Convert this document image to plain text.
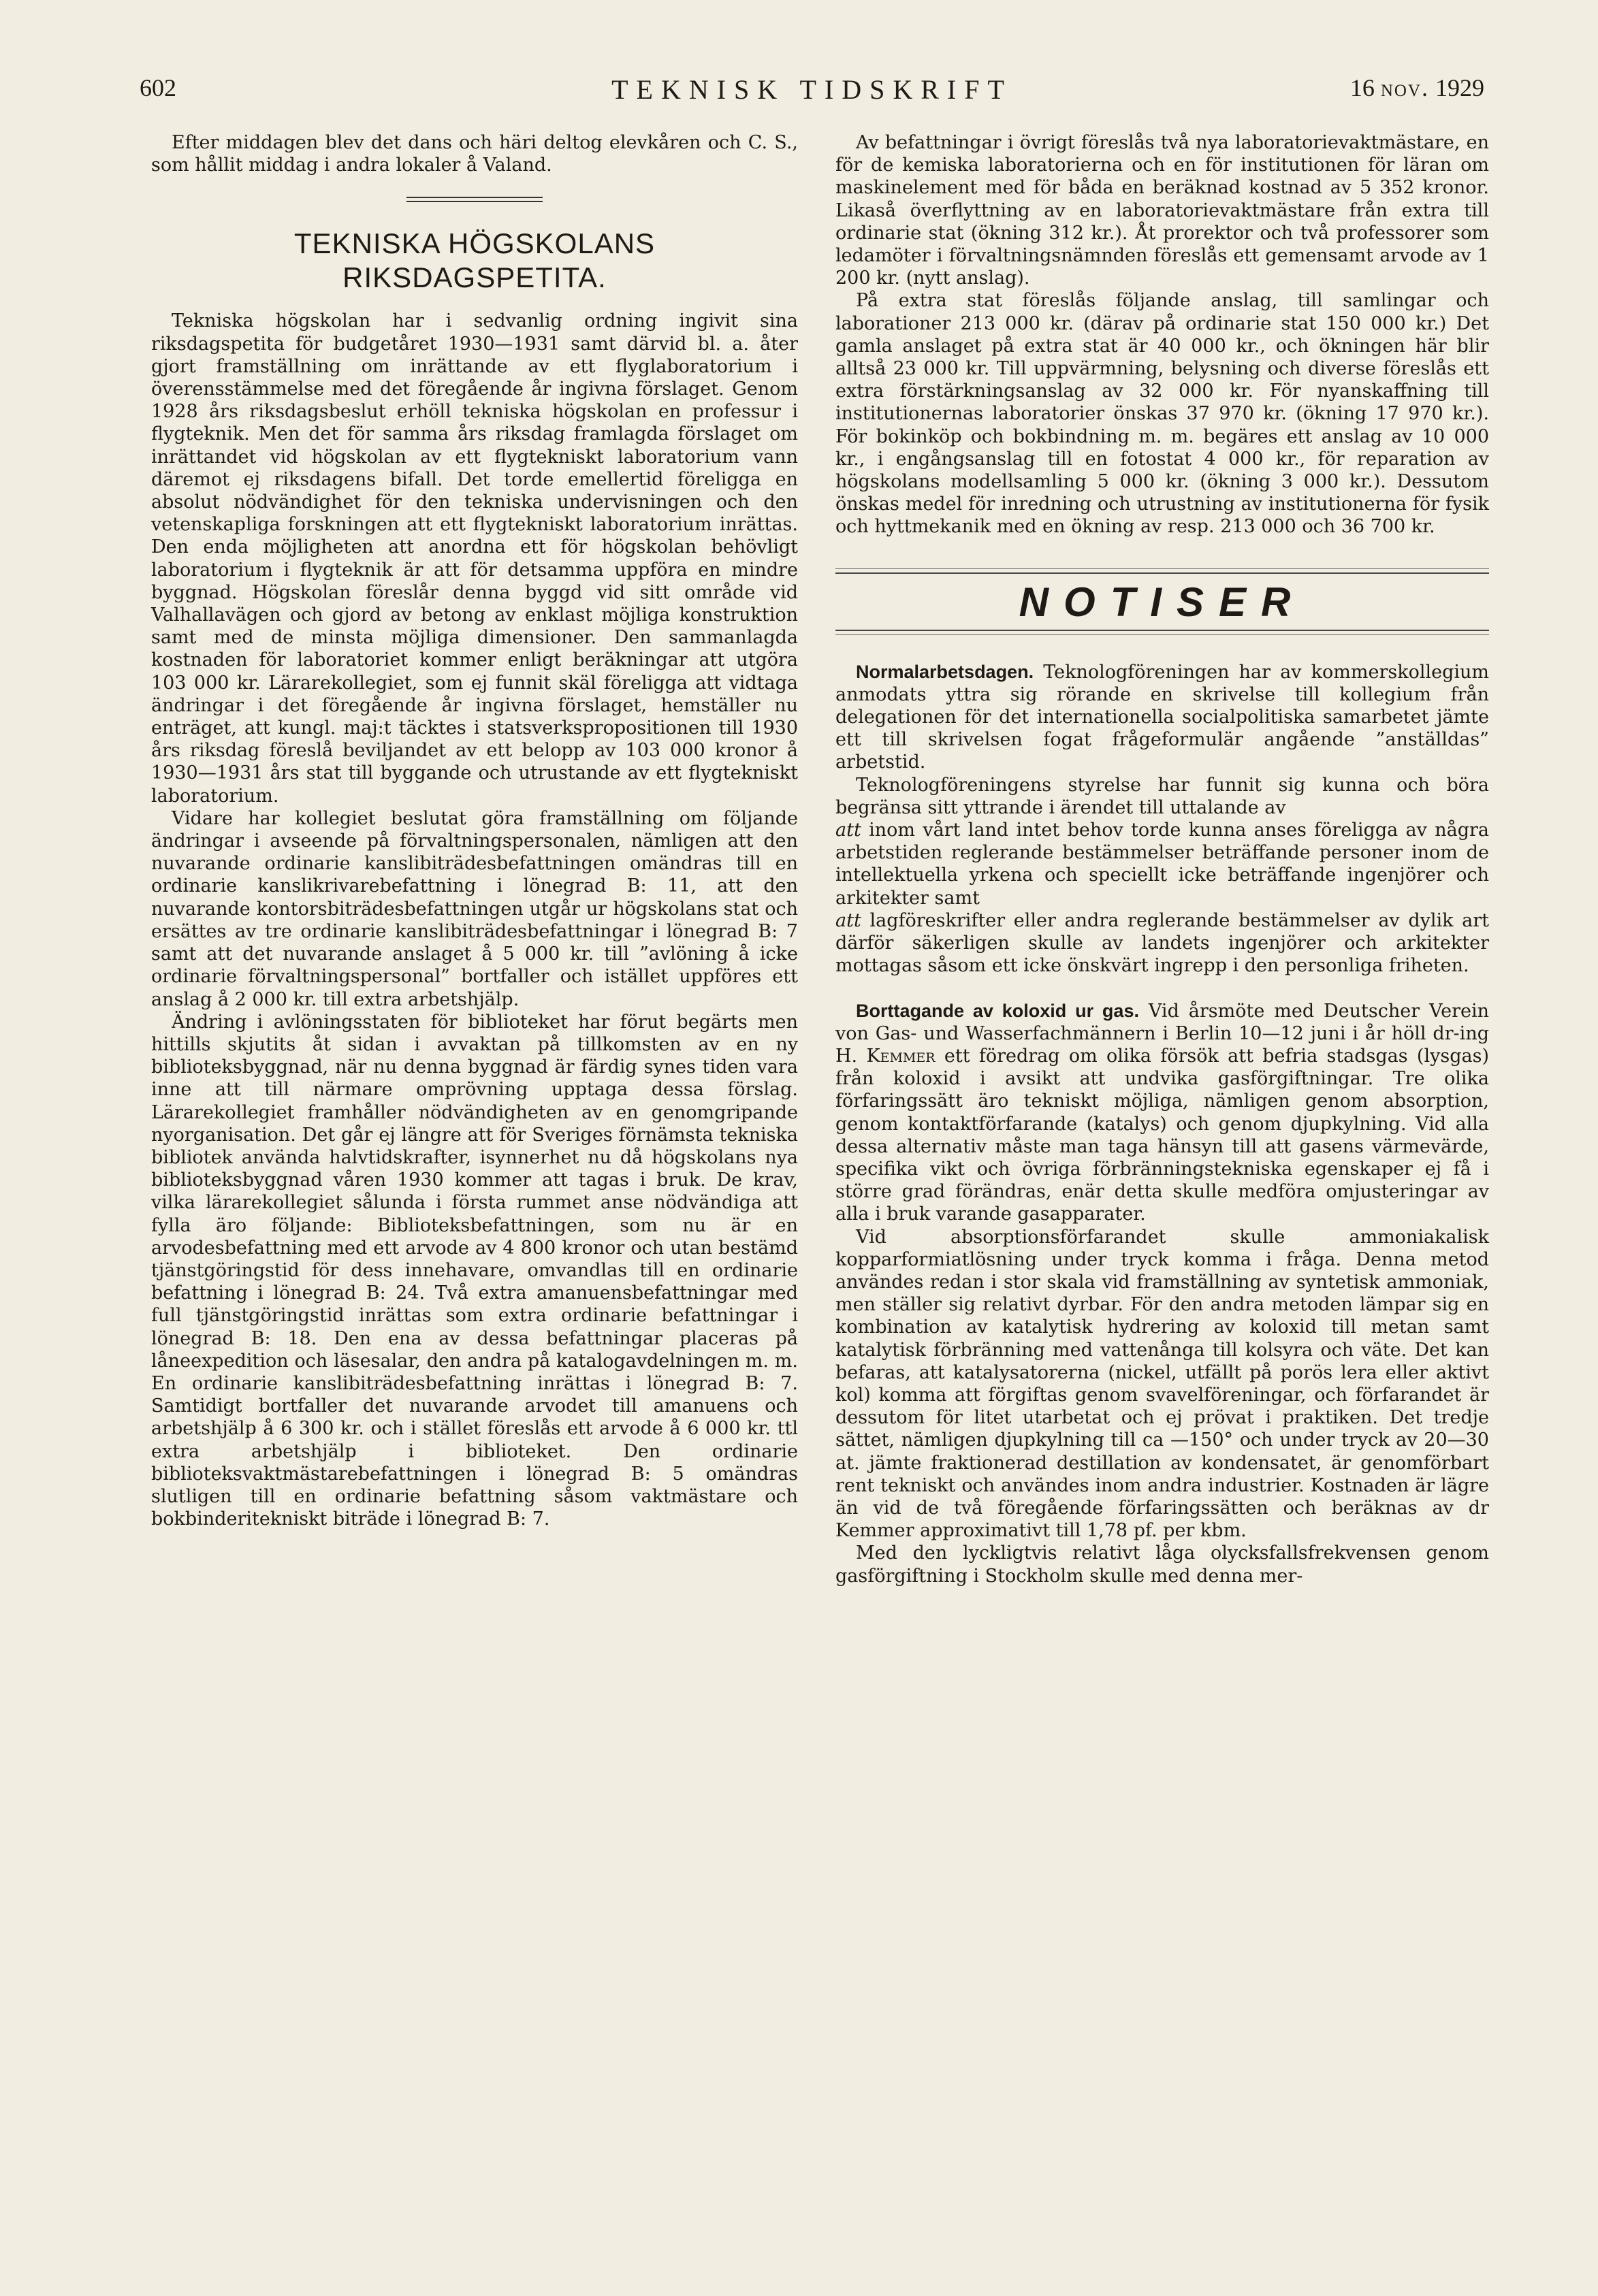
602	TEKNISK TIDSKRIFT	16 nov. 1929

Efter middagen blev det dans och häri deltog elevkåren och C. S., som hållit middag i andra lokaler å Valand.

TEKNISKA HÖGSKOLANS
RIKSDAGSPETITA.

Tekniska högskolan har i sedvanlig ordning ingivit sina riksdagspetita för budgetåret 1930—1931 samt därvid bl. a. åter gjort framställning om inrättande av ett flyglaboratorium i överensstämmelse med det föregående år ingivna förslaget. Genom 1928 års riksdagsbeslut erhöll tekniska högskolan en professur i flygteknik. Men det för samma års riksdag framlagda förslaget om inrättandet vid högskolan av ett flygtekniskt laboratorium vann däremot ej riksdagens bifall. Det torde emellertid föreligga en absolut nödvändighet för den tekniska undervisningen och den vetenskapliga forskningen att ett flygtekniskt laboratorium inrättas. Den enda möjligheten att anordna ett för högskolan behövligt laboratorium i flygteknik är att för detsamma uppföra en mindre byggnad. Högskolan föreslår denna byggd vid sitt område vid Valhallavägen och gjord av betong av enklast möjliga konstruktion samt med de minsta möjliga dimensioner. Den sammanlagda kostnaden för laboratoriet kommer enligt beräkningar att utgöra 103 000 kr. Lärarekollegiet, som ej funnit skäl föreligga att vidtaga ändringar i det föregående år ingivna förslaget, hemställer nu enträget, att kungl. maj:t täcktes i statsverkspropositionen till 1930 års riksdag föreslå beviljandet av ett belopp av 103 000 kronor å 1930—1931 års stat till byggande och utrustande av ett flygtekniskt laboratorium.

Vidare har kollegiet beslutat göra framställning om följande ändringar i avseende på förvaltningspersonalen, nämligen att den nuvarande ordinarie kanslibiträdesbefattningen omändras till en ordinarie kanslikrivarebefattning i lönegrad B: 11, att den nuvarande kontorsbiträdesbefattningen utgår ur högskolans stat och ersättes av tre ordinarie kanslibiträdesbefattningar i lönegrad B: 7 samt att det nuvarande anslaget å 5 000 kr. till ”avlöning å icke ordinarie förvaltningspersonal” bortfaller och istället uppföres ett anslag å 2 000 kr. till extra arbetshjälp.

Ändring i avlöningsstaten för biblioteket har förut begärts men hittills skjutits åt sidan i avvaktan på tillkomsten av en ny biblioteksbyggnad, när nu denna byggnad är färdig synes tiden vara inne att till närmare omprövning upptaga dessa förslag. Lärarekollegiet framhåller nödvändigheten av en genomgripande nyorganisation. Det går ej längre att för Sveriges förnämsta tekniska bibliotek använda halvtidskrafter, isynnerhet nu då högskolans nya biblioteksbyggnad våren 1930 kommer att tagas i bruk. De krav, vilka lärarekollegiet sålunda i första rummet anse nödvändiga att fylla äro följande: Biblioteksbefattningen, som nu är en arvodesbefattning med ett arvode av 4 800 kronor och utan bestämd tjänstgöringstid för dess innehavare, omvandlas till en ordinarie befattning i lönegrad B: 24. Två extra amanuensbefattningar med full tjänstgöringstid inrättas som extra ordinarie befattningar i lönegrad B: 18. Den ena av dessa befattningar placeras på låneexpedition och läsesalar, den andra på katalogavdelningen m. m. En ordinarie kanslibiträdesbefattning inrättas i lönegrad B: 7. Samtidigt bortfaller det nuvarande arvodet till amanuens och arbetshjälp å 6 300 kr. och i stället föreslås ett arvode å 6 000 kr. ttl extra arbetshjälp i biblioteket. Den ordinarie biblioteksvaktmästarebefattningen i lönegrad B: 5 omändras slutligen till en ordinarie befattning såsom vaktmästare och bokbinderitekniskt biträde i lönegrad B: 7.

Av befattningar i övrigt föreslås två nya laboratorievaktmästare, en för de kemiska laboratorierna och en för institutionen för läran om maskinelement med för båda en beräknad kostnad av 5 352 kronor. Likaså överflyttning av en laboratorievaktmästare från extra till ordinarie stat (ökning 312 kr.). Åt prorektor och två professorer som ledamöter i förvaltningsnämnden föreslås ett gemensamt arvode av 1 200 kr. (nytt anslag).

På extra stat föreslås följande anslag, till samlingar och laborationer 213 000 kr. (därav på ordinarie stat 150 000 kr.) Det gamla anslaget på extra stat är 40 000 kr., och ökningen här blir alltså 23 000 kr. Till uppvärmning, belysning och diverse föreslås ett extra förstärkningsanslag av 32 000 kr. För nyanskaffning till institutionernas laboratorier önskas 37 970 kr. (ökning 17 970 kr.). För bokinköp och bokbindning m. m. begäres ett anslag av 10 000 kr., i engångsanslag till en fotostat 4 000 kr., för reparation av högskolans modellsamling 5 000 kr. (ökning 3 000 kr.). Dessutom önskas medel för inredning och utrustning av institutionerna för fysik och hyttmekanik med en ökning av resp. 213 000 och 36 700 kr.

NOTISER

Normalarbetsdagen. Teknologföreningen har av kommerskollegium anmodats yttra sig rörande en skrivelse till kollegium från delegationen för det internationella socialpolitiska samarbetet jämte ett till skrivelsen fogat frågeformulär angående ”anställdas” arbetstid.

Teknologföreningens styrelse har funnit sig kunna och böra begränsa sitt yttrande i ärendet till uttalande av
att inom vårt land intet behov torde kunna anses föreligga av några arbetstiden reglerande bestämmelser beträffande personer inom de intellektuella yrkena och speciellt icke beträffande ingenjörer och arkitekter samt
att lagföreskrifter eller andra reglerande bestämmelser av dylik art därför säkerligen skulle av landets ingenjörer och arkitekter mottagas såsom ett icke önskvärt ingrepp i den personliga friheten.

Borttagande av koloxid ur gas. Vid årsmöte med Deutscher Verein von Gas- und Wasserfachmännern i Berlin 10—12 juni i år höll dr-ing H. Kemmer ett föredrag om olika försök att befria stadsgas (lysgas) från koloxid i avsikt att undvika gasförgiftningar. Tre olika förfaringssätt äro tekniskt möjliga, nämligen genom absorption, genom kontaktförfarande (katalys) och genom djupkylning. Vid alla dessa alternativ måste man taga hänsyn till att gasens värmevärde, specifika vikt och övriga förbränningstekniska egenskaper ej få i större grad förändras, enär detta skulle medföra omjusteringar av alla i bruk varande gasapparater.

Vid absorptionsförfarandet skulle ammoniakalisk kopparformiatlösning under tryck komma i fråga. Denna metod användes redan i stor skala vid framställning av syntetisk ammoniak, men ställer sig relativt dyrbar. För den andra metoden lämpar sig en kombination av katalytisk hydrering av koloxid till metan samt katalytisk förbränning med vattenånga till kolsyra och väte. Det kan befaras, att katalysatorerna (nickel, utfällt på porös lera eller aktivt kol) komma att förgiftas genom svavelföreningar, och förfarandet är dessutom för litet utarbetat och ej prövat i praktiken. Det tredje sättet, nämligen djupkylning till ca —150° och under tryck av 20—30 at. jämte fraktionerad destillation av kondensatet, är genomförbart rent tekniskt och användes inom andra industrier. Kostnaden är lägre än vid de två föregående förfaringssätten och beräknas av dr Kemmer approximativt till 1,78 pf. per kbm.

Med den lyckligtvis relativt låga olycksfallsfrekvensen genom gasförgiftning i Stockholm skulle med denna mer-
